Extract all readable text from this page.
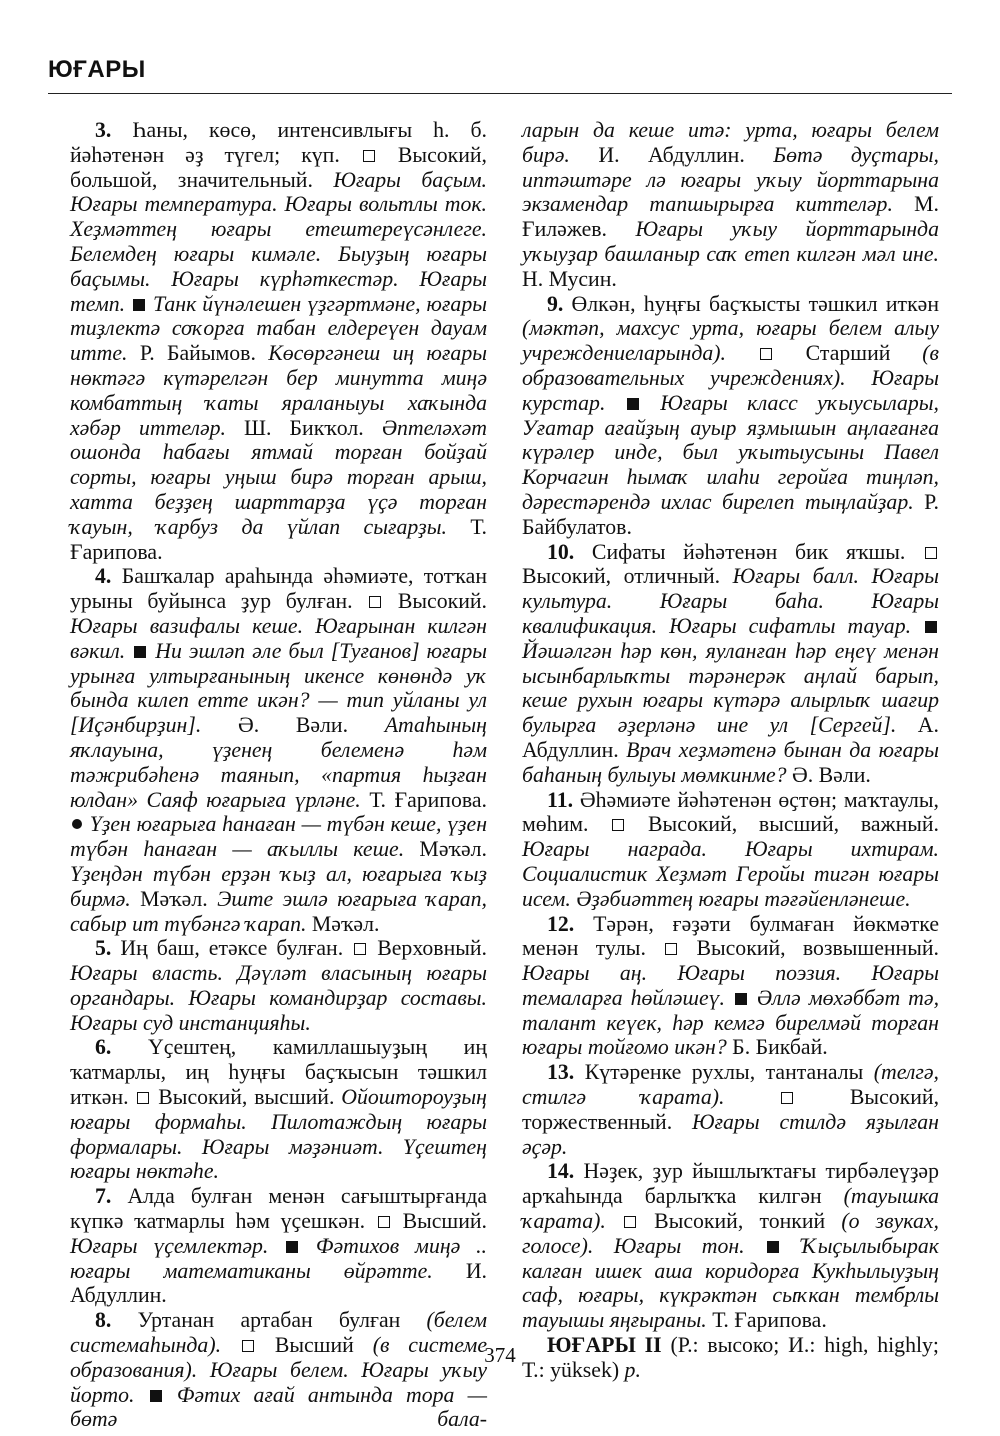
ЮҒАРЫ

3. Һаны, көсө, интенсивлығы һ. б. йәһәтенән әҙ түгел; күп.  Высокий, большой, значительный. Юғары баҫым. Юғары температура. Юғары вольтлы ток. Хеҙмәттең юғары етештереүсәнлеге. Белемдең юғары кимәле. Быуҙың юғары баҫымы. Юғары күрһәткестәр. Юғары темп. Танк йүнәлешен үҙгәртмәне, юғары тиҙлектә соҡорға табан елдереүен дауам итте. Р. Байымов. Көсөргәнеш иң юғары нөктәгә күтәрелгән бер минутта миңә комбаттың ҡаты яраланыуы хаҡында хәбәр иттеләр. Ш. Бикҡол. Әптеләхәт ошонда һабағы ятмай торған бойҙай сорты, юғары уңыш бирә торған арыш, хатта беҙҙең шарттарҙа үҫә торған ҡауын, ҡарбуз да үйлап сығарҙы. Т. Ғарипова.

4. Башҡалар араһында әһәмиәте, тотҡан урыны буйынса ҙур булған.  Высокий. Юғары вазифалы кеше. Юғарынан килгән вәкил. Ни эшләп әле был [Туғанов] юғары урынға ултырғанының икенсе көнөндә уҡ бында килеп етте икән? — тип уйланы ул [Иҫәнбирҙин]. Ә. Вәли. Атаһының яҡлауына, үҙенең белеменә һәм тәжрибәһенә таянып, «партия һыҙған юлдан» Саяф юғарыға үрләне. Т. Ғарипова.  Үҙен юғарыға һанаған — түбән кеше, үҙен түбән һанаған — аҡыллы кеше. Мәҡәл. Үҙеңдән түбән ерҙән ҡыҙ ал, юғарыға ҡыҙ бирмә. Мәҡәл. Эште эшлә юғарыға ҡарап, сабыр ит түбәнгә ҡарап. Мәҡәл.

5. Иң баш, етәксе булған.  Верховный. Юғары власть. Дәүләт власының юғары органдары. Юғары командирҙар составы. Юғары суд инстанцияһы.

6. Үҫештең, камиллашыуҙың иң ҡатмарлы, иң һуңғы баҫҡысын тәшкил иткән.  Высокий, высший. Ойоштороуҙың юғары формаһы. Пилотаждың юғары формалары. Юғары мәҙәниәт. Үҫештең юғары нөктәһе.

7. Алда булған менән сағыштырғанда күпкә ҡатмарлы һәм үҫешкән.  Высший. Юғары үҫемлектәр. Фәтихов миңә .. юғары математиканы өйрәтте. И. Абдуллин.

8. Уртанан артабан булған (белем системаһында).  Высший (в системе образования). Юғары белем. Юғары уҡыу йорто. Фәтих ағай антында тора — бөтә бала-

ларын да кеше итә: урта, юғары белем бирә. И. Абдуллин. Бөтә дуҫтары, иптәштәре лә юғары уҡыу йорттарына экзамендар тапшырырға киттеләр. М. Ғиләжев. Юғары уҡыу йорттарында уҡыуҙар башланыр саҡ етеп килгән мәл ине. Н. Мусин.

9. Өлкән, һуңғы баҫҡысты тәшкил иткән (мәктәп, махсус урта, юғары белем алыу учреждениеларында).  Старший (в образовательных учреждениях). Юғары курстар.	Юғары класс уҡыусылары, Уғатар ағайҙың ауыр яҙмышын аңлағанға күрәлер инде, был уҡытыусыны Павел Корчагин һымаҡ илаһи геройға тиңләп, дәрестәрендә ихлас бирелеп тыңлайҙар. Р. Байбулатов.

10. Сифаты йәһәтенән бик яҡшы.  Высокий, отличный. Юғары балл. Юғары культура. Юғары баһа. Юғары квалификация. Юғары сифатлы тауар.  Йәшәлгән һәр көн, яуланған һәр еңеү менән ысынбарлыҡты тәрәнерәк аңлай барып, кеше рухын юғары күтәрә алырлыҡ шағир булырға әҙерләнә ине ул [Сергей]. А. Абдуллин. Врач хеҙмәтенә бынан да юғары баһаның булыуы мөмкинме? Ә. Вәли.

11. Әһәмиәте йәһәтенән өҫтөн; маҡтаулы, мөһим.  Высокий, высший, важный. Юғары награда. Юғары ихтирам. Социалистик Хеҙмәт Геройы тигән юғары исем. Әҙәбиәттең юғары тәғәйенләнеше.

12. Тәрән, ғәҙәти булмаған йөкмәтке менән тулы.  Высокий, возвышенный. Юғары аң. Юғары поэзия. Юғары темаларға һөйләшеү. Әллә мөхәббәт тә, талант кеүек, һәр кемгә бирелмәй торған юғары тойғомо икән? Б. Бикбай.

13. Күтәренке рухлы, тантаналы (телгә, стилгә ҡарата).	Высокий, торжественный. Юғары стилдә яҙылған әҫәр.

14. Нәҙек, ҙур йышлыҡтағы тирбәлеүҙәр арҡаһында барлыҡҡа килгән (тауышка ҡарата).  Высокий, тонкий (о звуках, голосе). Юғары тон.	Ҡыҫылыбырак калған ишек аша коридорға Кукһылыуҙың саф, юғары, күкрәктән сыҡкан тембрлы тауышы яңғыраны. Т. Ғарипова.

ЮҒАРЫ II (Р.: высоко; И.: high, highly; Т.: yüksek) р.

374
